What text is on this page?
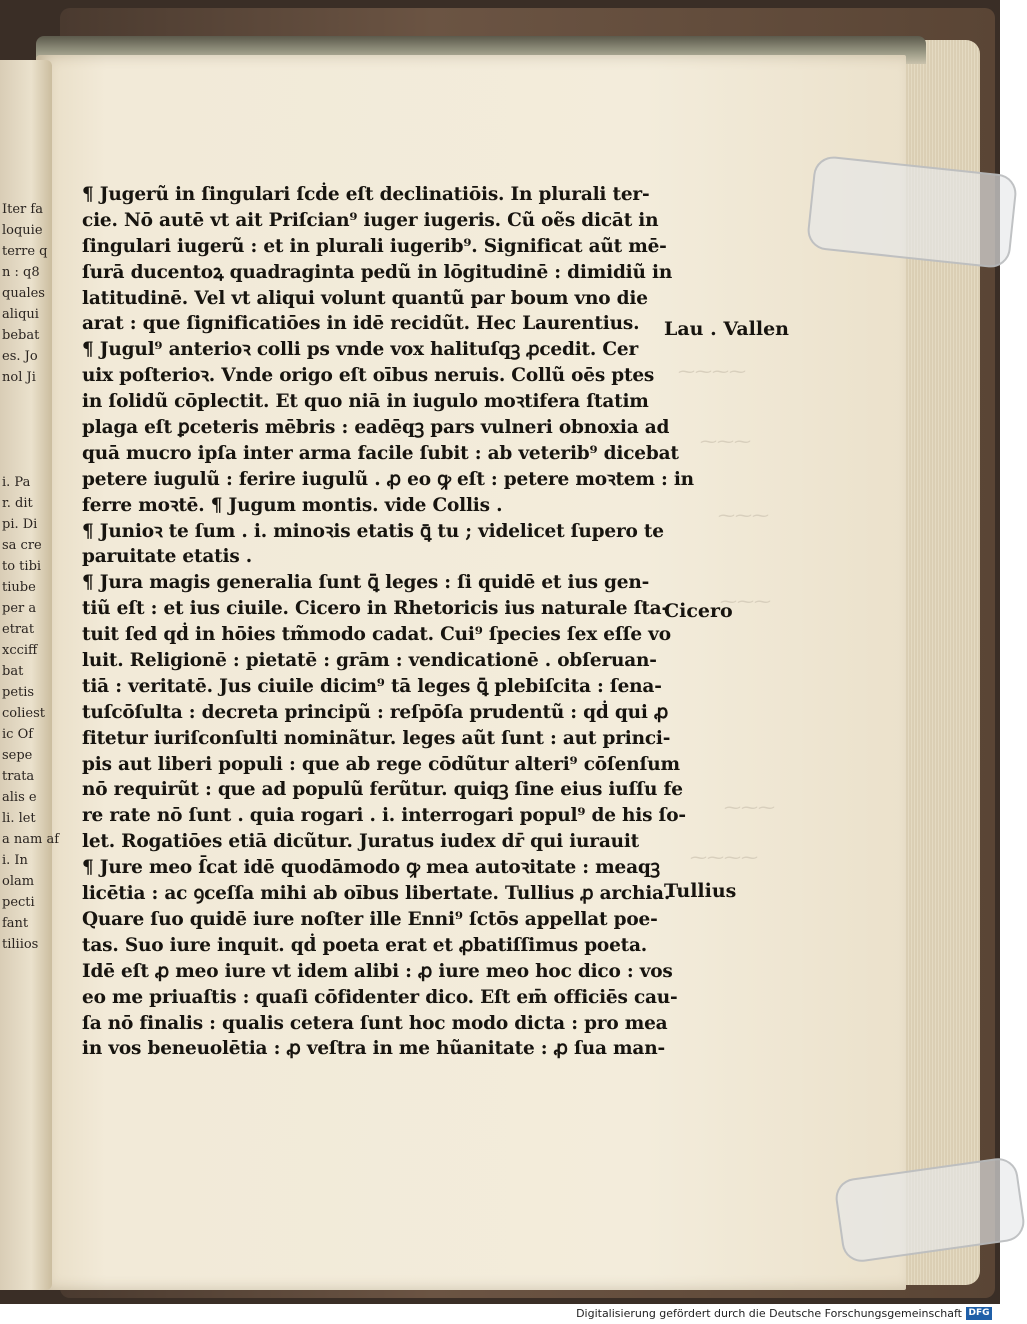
Iter fa
loquie
terre q
n : q8
quales
aliqui
bebat
es. Jo
nol Ji
i. Pa
r. dit
pi. Di
sa cre
to tibi
tiube
per a
etrat
xcciff
bat
petis
coliest
ic Of
sepe
trata
alis e
li. let
a nam af
i. In
olam
pecti
fant
tiliios
⁓⁓⁓⁓
⁓⁓⁓
⁓⁓⁓
⁓⁓⁓
⁓⁓⁓
⁓⁓⁓⁓
¶ Jugerũ in ſingulari ſcḋe eſt declinatiōis. In plurali ter-
cie. Nō autē vt ait Priſcian⁹ iuger iugeris. Cũ oẽs dicāt in
ſingulari iugerũ : et in plurali iugerib⁹. Significat aũt mē-
ſurā ducentoꝝ quadraginta pedũ in lōgitudinē : dimidiũ in
latitudinē. Vel vt aliqui volunt quantũ par boum vno die
arat : que ſignificatiōes in idē recidũt. Hec Laurentius.
¶ Jugul⁹ anterioꝛ colli ps vnde vox halituſqꝫ ꝓcedit. Cer
uix poſterioꝛ. Vnde origo eſt oībus neruis. Collũ oēs ptes
in ſolidũ cōplectit. Et quo niā in iugulo moꝛtifera ſtatim
plaga eſt ꝑceteris mēbris : eadēqꝫ pars vulneri obnoxia ad
quā mucro ipſa inter arma facile ſubit : ab veterib⁹ dicebat
petere iugulũ : ferire iugulũ . ꝓ eo ꝙ eſt : petere moꝛtem : in
ferre moꝛtē. ¶ Jugum montis. vide Collis .
¶ Junioꝛ te ſum . i. minoꝛis etatis ꝗ̄ tu ; videlicet ſupero te
paruitate etatis .
¶ Jura magis generalia ſunt ꝗ̄ leges : ſi quidē et ius gen-
tiũ eſt : et ius ciuile. Cicero in Rhetoricis ius naturale ſta-
tuit ſed qḋ in hōies tm̃modo cadat. Cui⁹ ſpecies ſex eſſe vo
luit. Religionē : pietatē : grām : vendicationē . obſeruan-
tiā : veritatē. Jus ciuile dicim⁹ tā leges ꝗ̄ plebiſcita : ſena-
tuſcōſulta : decreta principũ : reſpōſa prudentũ : qḋ qui ꝓ
fitetur iuriſconſulti nominãtur. leges aũt ſunt : aut princi-
pis aut liberi populi : que ab rege cōdũtur alteri⁹ cōſenſum
nō requirũt : que ad populũ ferũtur. quiqꝫ ſine eius iuſſu fe
re rate nō ſunt . quia rogari . i. interrogari popul⁹ de his ſo-
let. Rogatiōes etiā dicũtur. Juratus iudex dr̄ qui iurauit
¶ Jure meo ſ̄cat idē quodāmodo ꝙ mea autoꝛitate : meaqꝫ
licētia : ac ꝯceſſa mihi ab oībus libertate. Tullius ꝓ archia.
Quare ſuo quidē iure noſter ille Enni⁹ ſctōs appellat poe-
tas. Suo iure inquit. qḋ poeta erat et ꝓbatiſſimus poeta.
Idē eſt ꝓ meo iure vt idem alibi : ꝓ iure meo hoc dico : vos
eo me priuaſtis : quaſi cōfidenter dico. Eſt em̄ officiēs cau-
ſa nō finalis : qualis cetera ſunt hoc modo dicta : pro mea
in vos beneuolētia : ꝓ veſtra in me hũanitate : ꝓ ſua man-
Lau . Vallen
Cicero
Tullius
Digitalisierung gefördert durch die Deutsche Forschungsgemeinschaft DFG
